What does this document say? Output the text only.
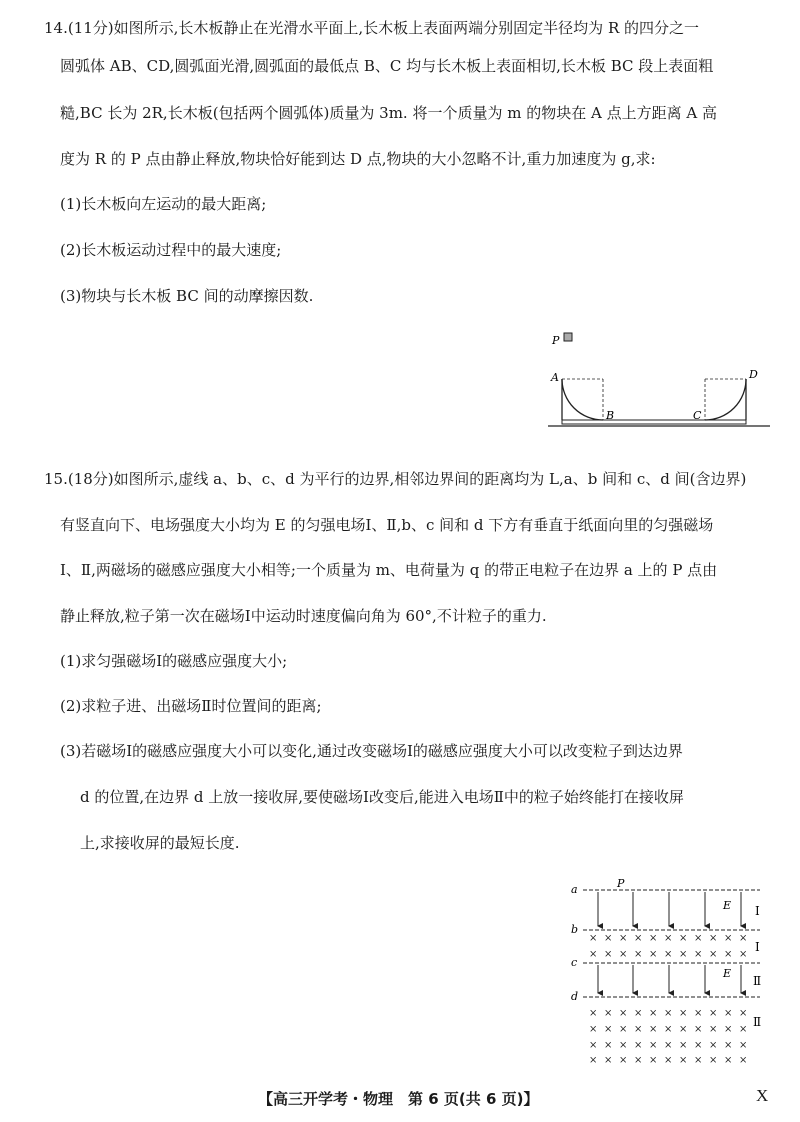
14.(11分)如图所示,长木板静止在光滑水平面上,长木板上表面两端分别固定半径均为 R 的四分之一
圆弧体 AB、CD,圆弧面光滑,圆弧面的最低点 B、C 均与长木板上表面相切,长木板 BC 段上表面粗
糙,BC 长为 2R,长木板(包括两个圆弧体)质量为 3m. 将一个质量为 m 的物块在 A 点上方距离 A 高
度为 R 的 P 点由静止释放,物块恰好能到达 D 点,物块的大小忽略不计,重力加速度为 g,求:
(1)长木板向左运动的最大距离;
(2)长木板运动过程中的最大速度;
(3)物块与长木板 BC 间的动摩擦因数.
P
A
B	C
D
15.(18分)如图所示,虚线 a、b、c、d 为平行的边界,相邻边界间的距离均为 L,a、b 间和 c、d 间(含边界)
有竖直向下、电场强度大小均为 E 的匀强电场Ⅰ、Ⅱ,b、c 间和 d 下方有垂直于纸面向里的匀强磁场
Ⅰ、Ⅱ,两磁场的磁感应强度大小相等;一个质量为 m、电荷量为 q 的带正电粒子在边界 a 上的 P 点由
静止释放,粒子第一次在磁场Ⅰ中运动时速度偏向角为 60°,不计粒子的重力.
(1)求匀强磁场Ⅰ的磁感应强度大小;
(2)求粒子进、出磁场Ⅱ时位置间的距离;
(3)若磁场Ⅰ的磁感应强度大小可以变化,通过改变磁场Ⅰ的磁感应强度大小可以改变粒子到达边界
d 的位置,在边界 d 上放一接收屏,要使磁场Ⅰ改变后,能进入电场Ⅱ中的粒子始终能打在接收屏
上,求接收屏的最短长度.
a
b
c
d
P
E Ⅰ
× × × × × × × × × × ×
× × × × × × × × × × ×
Ⅰ
E
Ⅱ
× × × × × × × × × × ×
× × × × × × × × × × ×
× × × × × × × × × × ×
× × × × × × × × × × ×
Ⅱ
【高三开学考・物理　第 6 页(共 6 页)】	X
